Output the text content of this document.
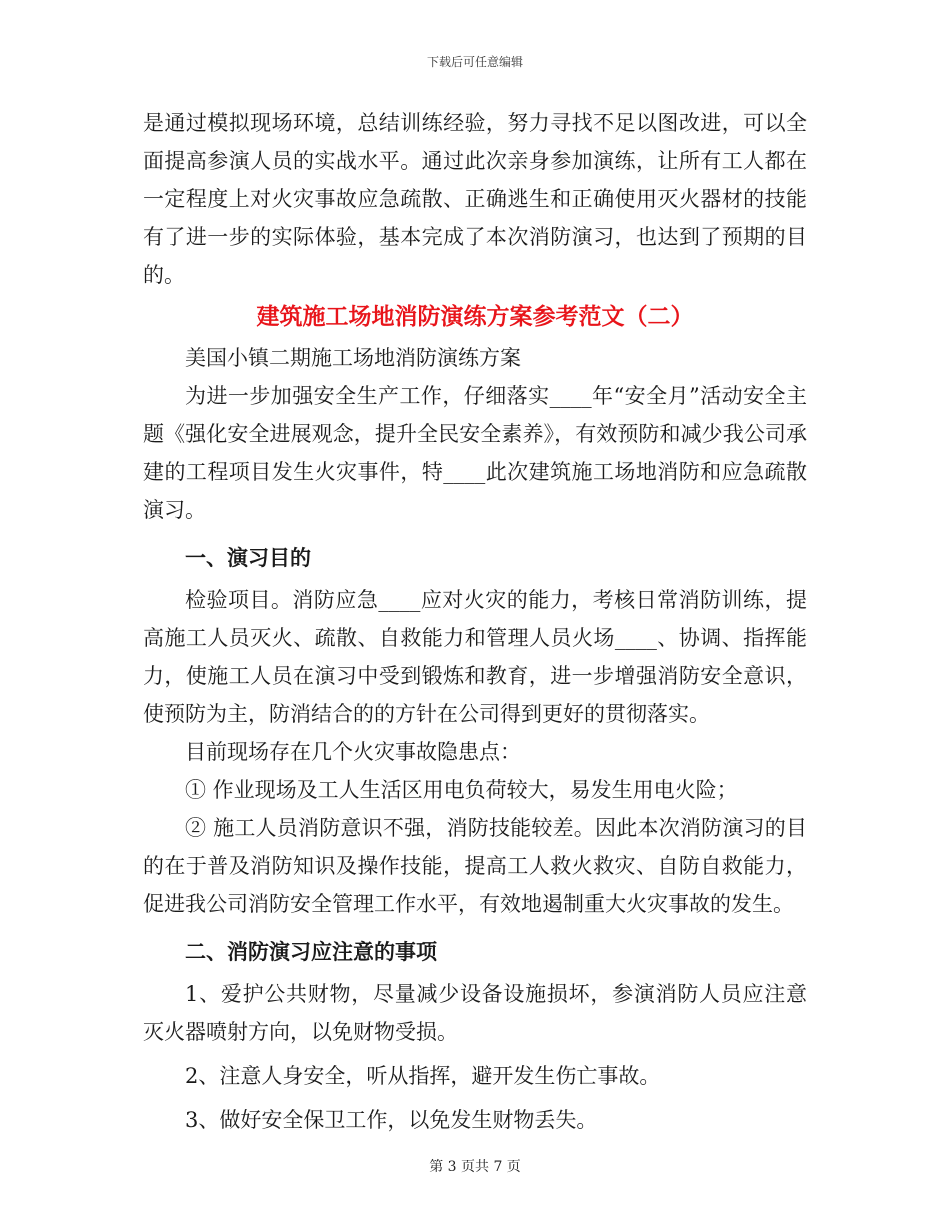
下载后可任意编辑

是通过模拟现场环境，总结训练经验，努力寻找不足以图改进，可以全面提高参演人员的实战水平。通过此次亲身参加演练，让所有工人都在一定程度上对火灾事故应急疏散、正确逃生和正确使用灭火器材的技能有了进一步的实际体验，基本完成了本次消防演习，也达到了预期的目的。

建筑施工场地消防演练方案参考范文（二）

美国小镇二期施工场地消防演练方案

为进一步加强安全生产工作，仔细落实____年“安全月”活动安全主题《强化安全进展观念，提升全民安全素养》，有效预防和减少我公司承建的工程项目发生火灾事件，特____此次建筑施工场地消防和应急疏散演习。

一、演习目的

检验项目。消防应急____应对火灾的能力，考核日常消防训练，提高施工人员灭火、疏散、自救能力和管理人员火场____、协调、指挥能力，使施工人员在演习中受到锻炼和教育，进一步增强消防安全意识，使预防为主，防消结合的的方针在公司得到更好的贯彻落实。

目前现场存在几个火灾事故隐患点：

① 作业现场及工人生活区用电负荷较大，易发生用电火险；

② 施工人员消防意识不强，消防技能较差。因此本次消防演习的目的在于普及消防知识及操作技能，提高工人救火救灾、自防自救能力，促进我公司消防安全管理工作水平，有效地遏制重大火灾事故的发生。

二、消防演习应注意的事项

1、爱护公共财物，尽量减少设备设施损坏，参演消防人员应注意灭火器喷射方向，以免财物受损。

2、注意人身安全，听从指挥，避开发生伤亡事故。

3、做好安全保卫工作，以免发生财物丢失。

第 3 页共 7 页
